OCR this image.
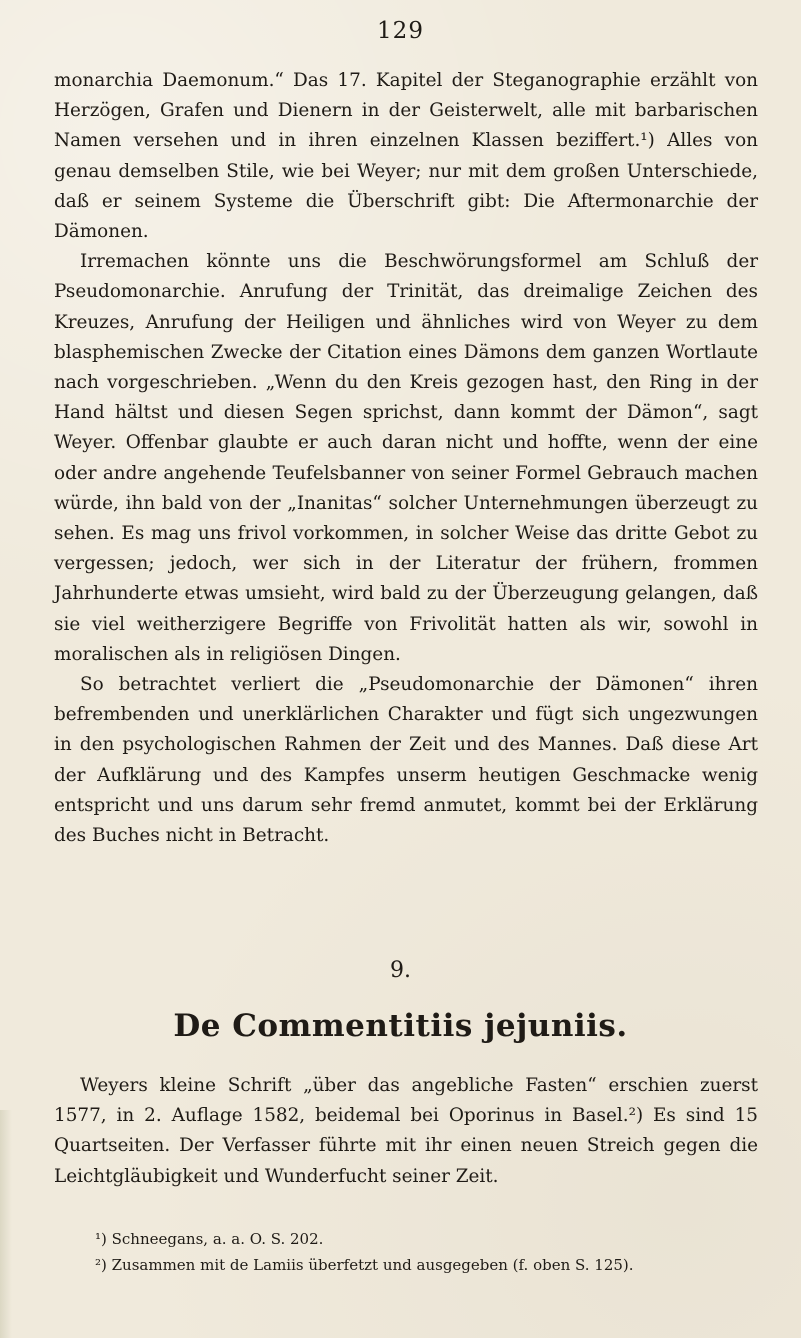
129

monarchia Daemonum.“ Das 17. Kapitel der Steganographie erzählt von Herzögen, Grafen und Dienern in der Geisterwelt, alle mit barbarischen Namen versehen und in ihren einzelnen Klassen beziffert.¹) Alles von genau demselben Stile, wie bei Weyer; nur mit dem großen Unterschiede, daß er seinem Systeme die Überschrift gibt: Die Aftermonarchie der Dämonen.

Irremachen könnte uns die Beschwörungsformel am Schluß der Pseudomonarchie. Anrufung der Trinität, das dreimalige Zeichen des Kreuzes, Anrufung der Heiligen und ähnliches wird von Weyer zu dem blasphemischen Zwecke der Citation eines Dämons dem ganzen Wortlaute nach vorgeschrieben. „Wenn du den Kreis gezogen hast, den Ring in der Hand hältst und diesen Segen sprichst, dann kommt der Dämon“, sagt Weyer. Offenbar glaubte er auch daran nicht und hoffte, wenn der eine oder andre angehende Teufelsbanner von seiner Formel Gebrauch machen würde, ihn bald von der „Inanitas“ solcher Unternehmungen überzeugt zu sehen. Es mag uns frivol vorkommen, in solcher Weise das dritte Gebot zu vergessen; jedoch, wer sich in der Literatur der frühern, frommen Jahrhunderte etwas umsieht, wird bald zu der Überzeugung gelangen, daß sie viel weitherzigere Begriffe von Frivolität hatten als wir, sowohl in moralischen als in religiösen Dingen.

So betrachtet verliert die „Pseudomonarchie der Dämonen“ ihren befrembenden und unerklärlichen Charakter und fügt sich ungezwungen in den psychologischen Rahmen der Zeit und des Mannes. Daß diese Art der Aufklärung und des Kampfes unserm heutigen Geschmacke wenig entspricht und uns darum sehr fremd anmutet, kommt bei der Erklärung des Buches nicht in Betracht.

9.
De Commentitiis jejuniis.

Weyers kleine Schrift „über das angebliche Fasten“ erschien zuerst 1577, in 2. Auflage 1582, beidemal bei Oporinus in Basel.²) Es sind 15 Quartseiten. Der Verfasser führte mit ihr einen neuen Streich gegen die Leichtgläubigkeit und Wunderfucht seiner Zeit.

¹) Schneegans, a. a. O. S. 202.
²) Zusammen mit de Lamiis überfetzt und ausgegeben (f. oben S. 125).
